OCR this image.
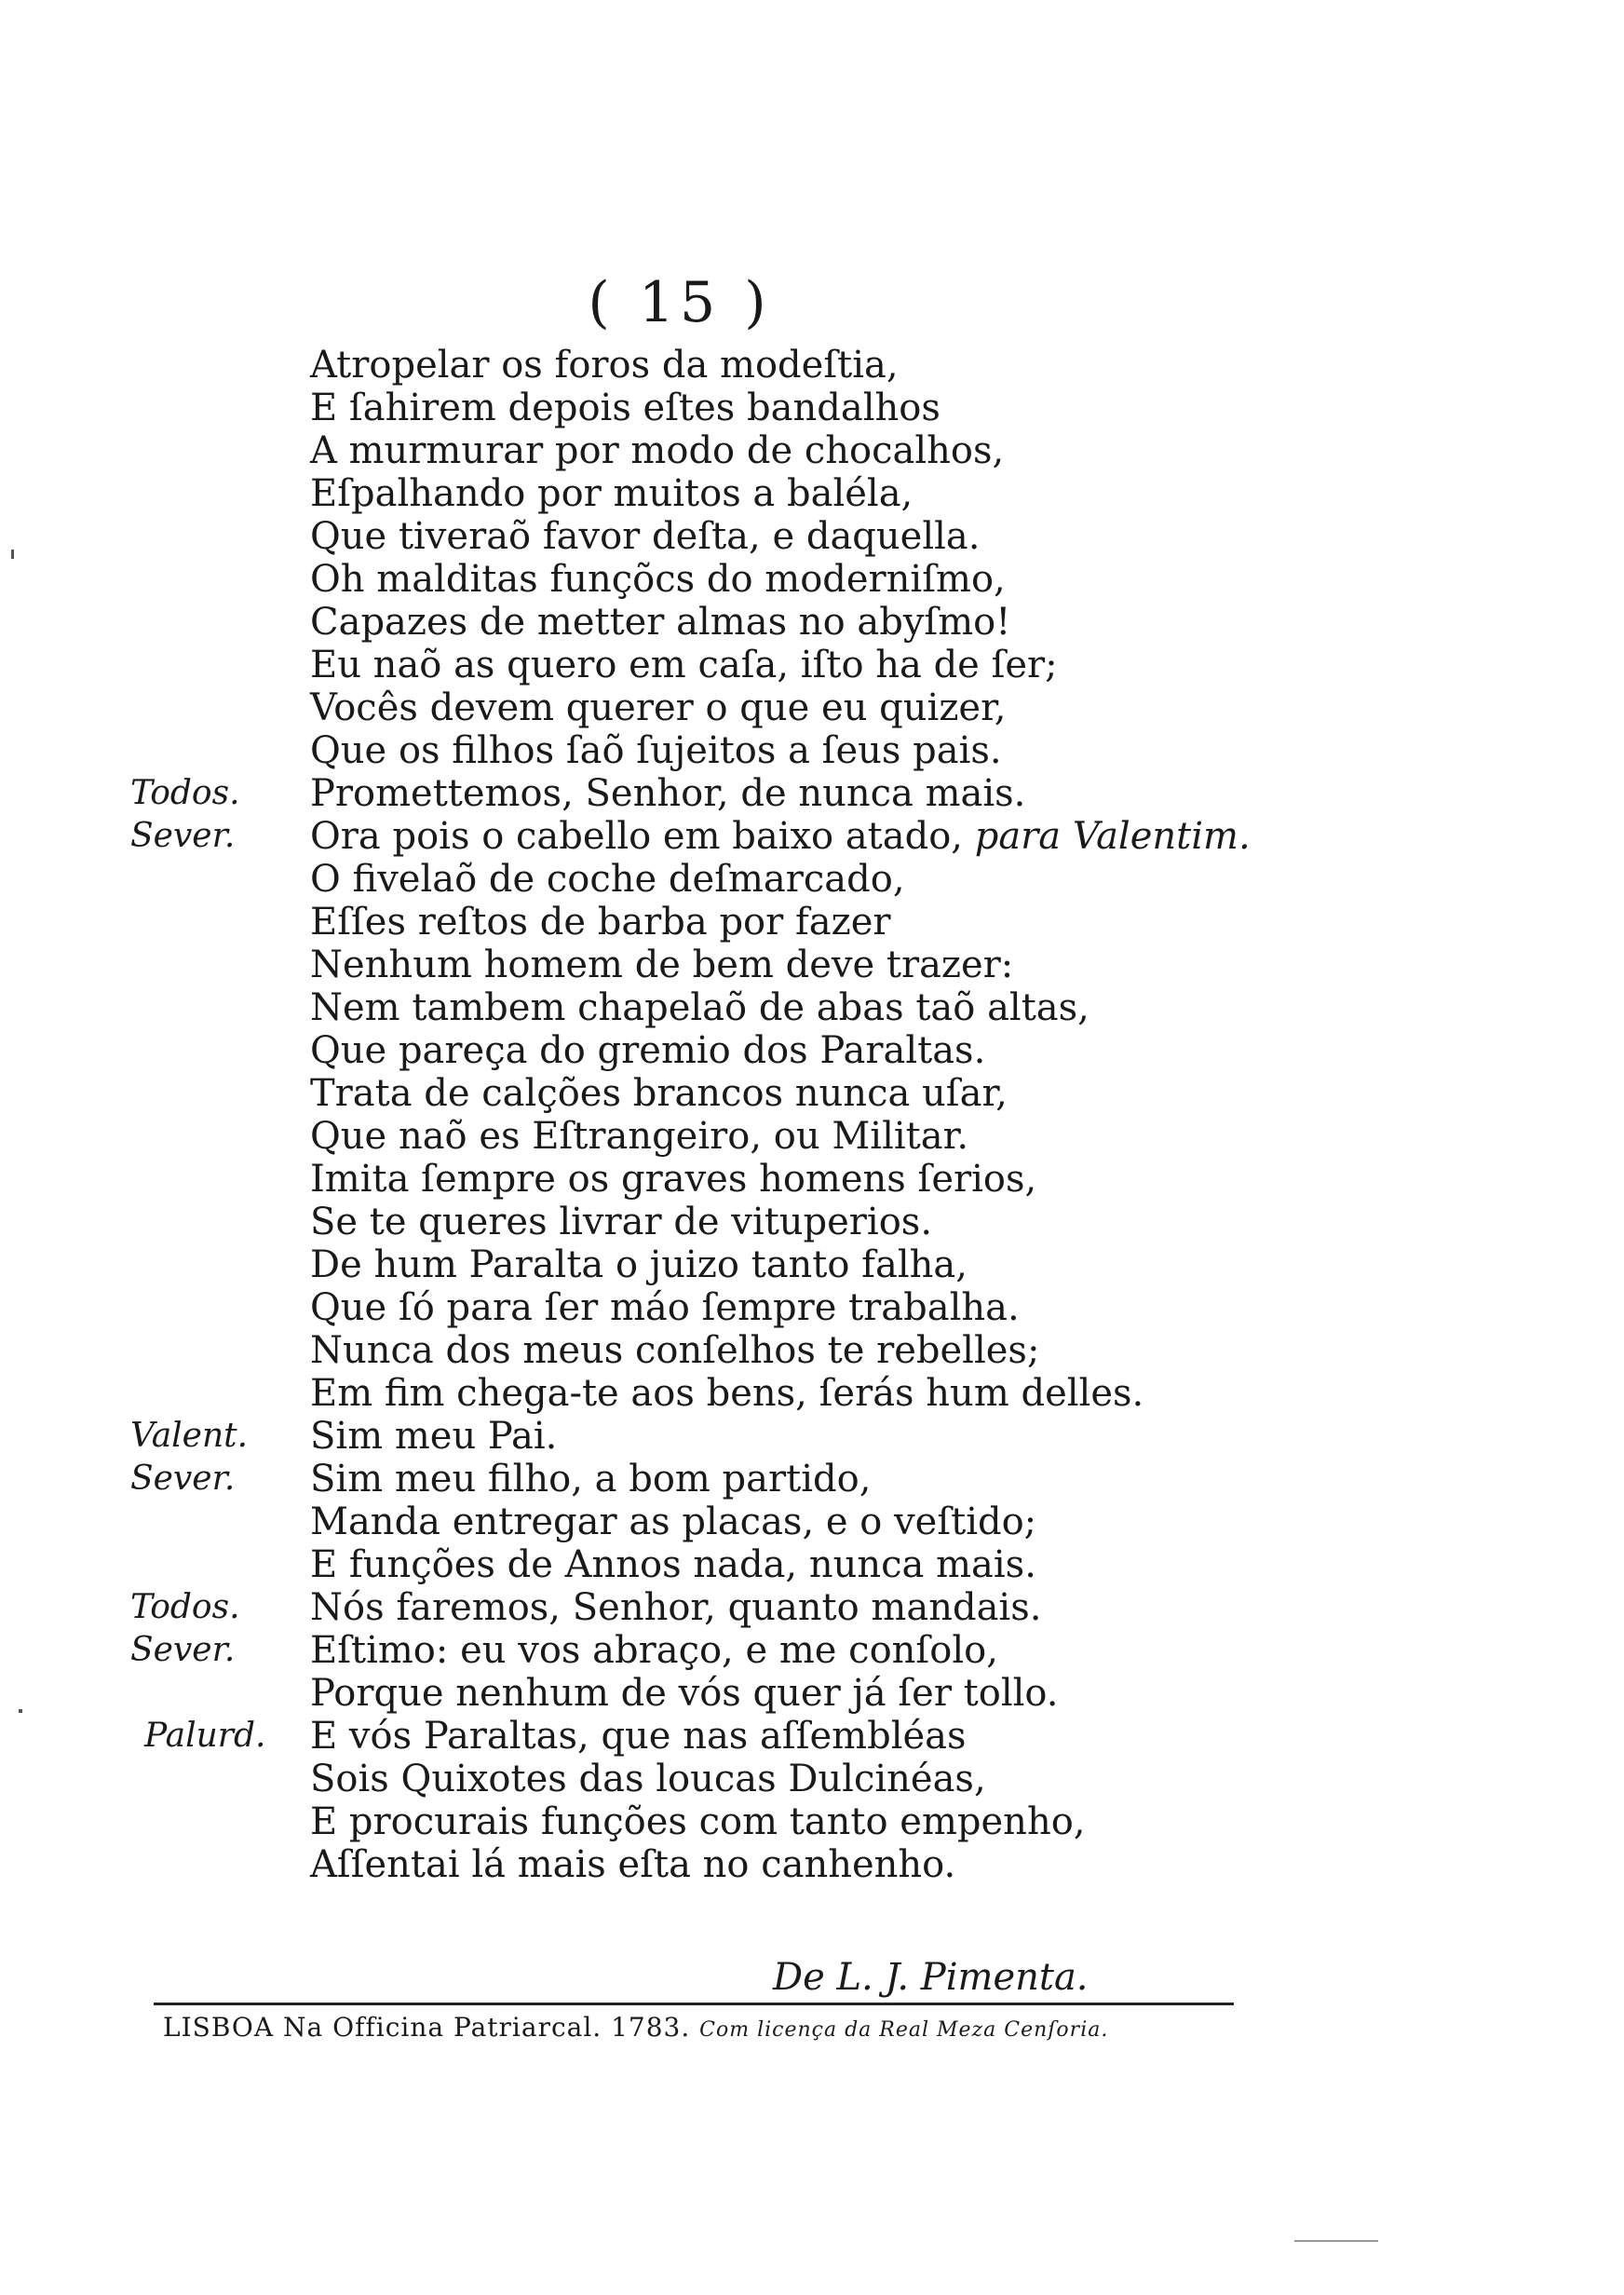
( 15 )
Atropelar os foros da modeſtia,
E ſahirem depois eſtes bandalhos
A murmurar por modo de chocalhos,
Eſpalhando por muitos a baléla,
Que tiveraõ favor deſta, e daquella.
Oh malditas funçõcs do moderniſmo,
Capazes de metter almas no abyſmo!
Eu naõ as quero em caſa, iſto ha de ſer;
Vocês devem querer o que eu quizer,
Que os filhos ſaõ ſujeitos a ſeus pais.
Promettemos, Senhor, de nunca mais.
Ora pois o cabello em baixo atado, para Valentim.
O fivelaõ de coche deſmarcado,
Eſſes reſtos de barba por fazer
Nenhum homem de bem deve trazer:
Nem tambem chapelaõ de abas taõ altas,
Que pareça do gremio dos Paraltas.
Trata de calções brancos nunca uſar,
Que naõ es Eſtrangeiro, ou Militar.
Imita ſempre os graves homens ſerios,
Se te queres livrar de vituperios.
De hum Paralta o juizo tanto falha,
Que ſó para ſer máo ſempre trabalha.
Nunca dos meus conſelhos te rebelles;
Em fim chega-te aos bens, ſerás hum delles.
Sim meu Pai.
Sim meu filho, a bom partido,
Manda entregar as placas, e o veſtido;
E funções de Annos nada, nunca mais.
Nós faremos, Senhor, quanto mandais.
Eſtimo: eu vos abraço, e me conſolo,
Porque nenhum de vós quer já ſer tollo.
E vós Paraltas, que nas aſſembléas
Sois Quixotes das loucas Dulcinéas,
E procurais funções com tanto empenho,
Aſſentai lá mais eſta no canhenho.
Todos.
Sever.
Valent.
Sever.
Todos.
Sever.
Palurd.
De L. J. Pimenta.
LISBOA Na Officina Patriarcal. 1783. Com licença da Real Meza Cenſoria.
